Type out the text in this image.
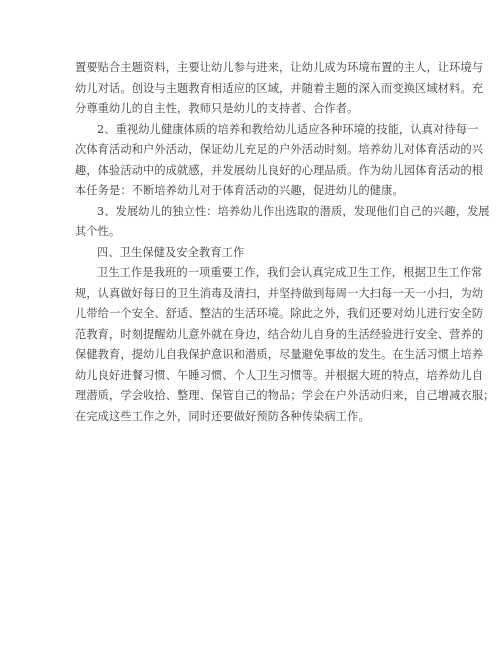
置要贴合主题资料，主要让幼儿参与进来，让幼儿成为环境布置的主人，让环境与
幼儿对话。创设与主题教育相适应的区域，并随着主题的深入而变换区域材料。充
分尊重幼儿的自主性，教师只是幼儿的支持者、合作者。
2、重视幼儿健康体质的培养和教给幼儿适应各种环境的技能，认真对待每一
次体育活动和户外活动，保证幼儿充足的户外活动时刻。培养幼儿对体育活动的兴
趣，体验活动中的成就感，并发展幼儿良好的心理品质。作为幼儿园体育活动的根
本任务是：不断培养幼儿对于体育活动的兴趣，促进幼儿的健康。
3、发展幼儿的独立性：培养幼儿作出选取的潜质，发现他们自己的兴趣，发展
其个性。
四、卫生保健及安全教育工作
卫生工作是我班的一项重要工作，我们会认真完成卫生工作，根据卫生工作常
规，认真做好每日的卫生消毒及清扫，并坚持做到每周一大扫每一天一小扫，为幼
儿带给一个安全、舒适、整洁的生活环境。除此之外，我们还要对幼儿进行安全防
范教育，时刻提醒幼儿意外就在身边，结合幼儿自身的生活经验进行安全、营养的
保健教育，提幼儿自我保护意识和潜质，尽量避免事故的发生。在生活习惯上培养
幼儿良好进餐习惯、午睡习惯、个人卫生习惯等。并根据大班的特点，培养幼儿自
理潜质，学会收拾、整理、保管自己的物品；学会在户外活动归来，自己增减衣服；
在完成这些工作之外，同时还要做好预防各种传染病工作。
